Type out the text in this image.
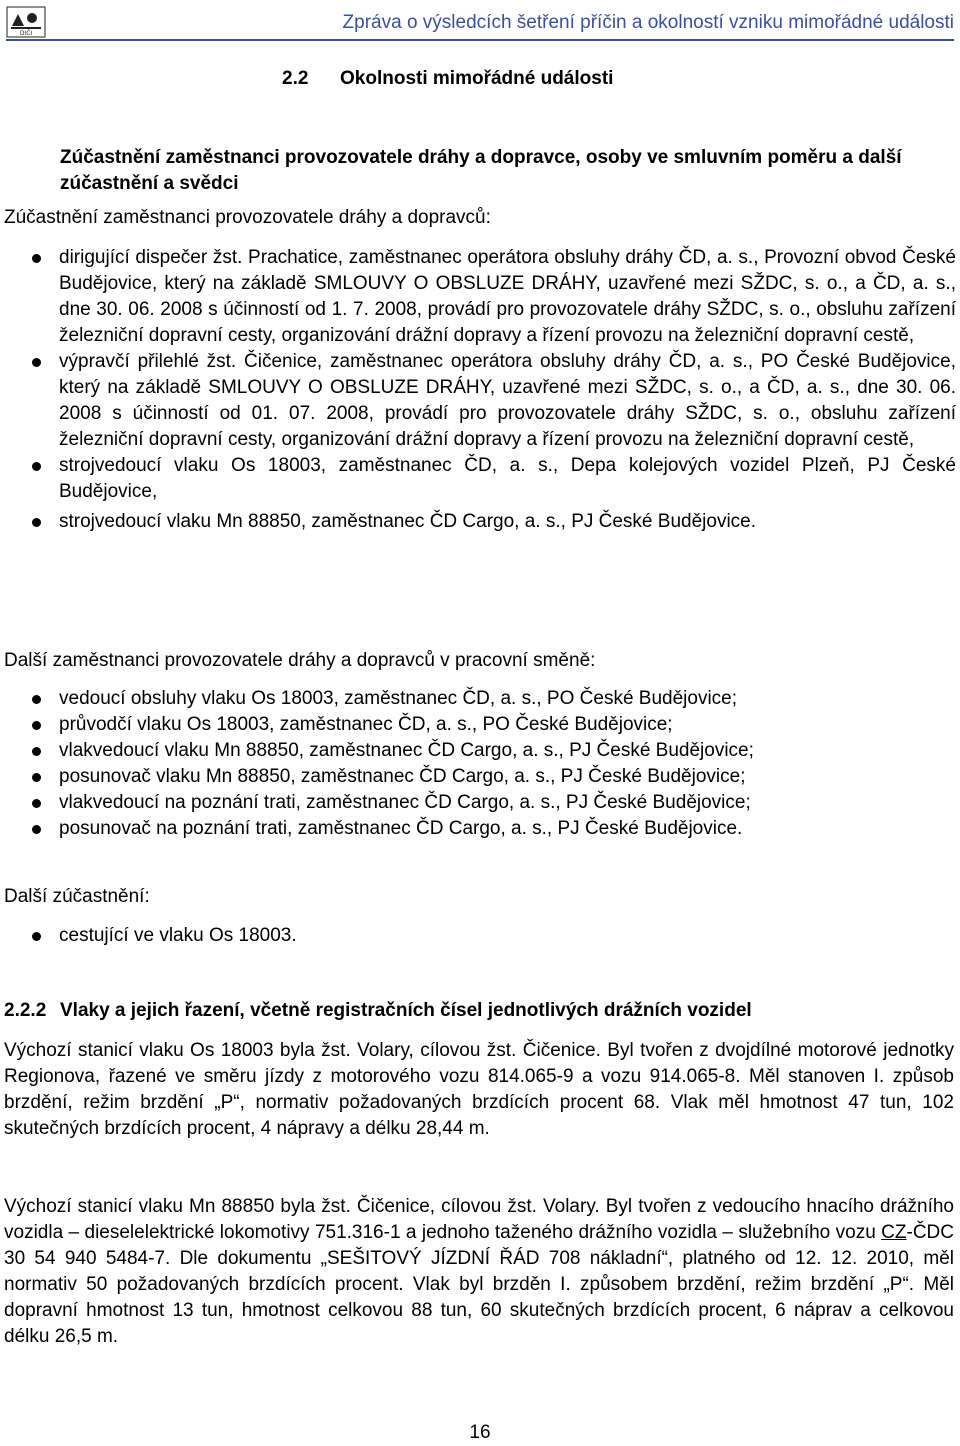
DIČI
Zpráva o výsledcích šetření příčin a okolností vzniku mimořádné události
2.2 Okolnosti mimořádné události
Zúčastnění zaměstnanci provozovatele dráhy a dopravce, osoby ve smluvním poměru a další zúčastnění a svědci
Zúčastnění zaměstnanci provozovatele dráhy a dopravců:
dirigující dispečer žst. Prachatice, zaměstnanec operátora obsluhy dráhy ČD, a. s., Provozní obvod České Budějovice, který na základě SMLOUVY O OBSLUZE DRÁHY, uzavřené mezi SŽDC, s. o., a ČD, a. s., dne 30. 06. 2008 s účinností od 1. 7. 2008, provádí pro provozovatele dráhy SŽDC, s. o., obsluhu zařízení železniční dopravní cesty, organizování drážní dopravy a řízení provozu na železniční dopravní cestě,
výpravčí přilehlé žst. Čičenice, zaměstnanec operátora obsluhy dráhy ČD, a. s., PO České Budějovice, který na základě SMLOUVY O OBSLUZE DRÁHY, uzavřené mezi SŽDC, s. o., a ČD, a. s., dne 30. 06. 2008 s účinností od 01. 07. 2008, provádí pro provozovatele dráhy SŽDC, s. o., obsluhu zařízení železniční dopravní cesty, organizování drážní dopravy a řízení provozu na železniční dopravní cestě,
strojvedoucí vlaku Os 18003, zaměstnanec ČD, a. s., Depa kolejových vozidel Plzeň, PJ České Budějovice,
strojvedoucí vlaku Mn 88850, zaměstnanec ČD Cargo, a. s., PJ České Budějovice.
Další zaměstnanci provozovatele dráhy a dopravců v pracovní směně:
vedoucí obsluhy vlaku Os 18003, zaměstnanec ČD, a. s., PO České Budějovice;
průvodčí vlaku Os 18003, zaměstnanec ČD, a. s., PO České Budějovice;
vlakvedoucí vlaku Mn 88850, zaměstnanec ČD Cargo, a. s., PJ České Budějovice;
posunovač vlaku Mn 88850, zaměstnanec ČD Cargo, a. s., PJ České Budějovice;
vlakvedoucí na poznání trati, zaměstnanec ČD Cargo, a. s., PJ České Budějovice;
posunovač na poznání trati, zaměstnanec ČD Cargo, a. s., PJ České Budějovice.
Další zúčastnění:
cestující ve vlaku Os 18003.
2.2.2 Vlaky a jejich řazení, včetně registračních čísel jednotlivých drážních vozidel
Výchozí stanicí vlaku Os 18003 byla žst. Volary, cílovou žst. Čičenice. Byl tvořen z dvojdílné motorové jednotky Regionova, řazené ve směru jízdy z motorového vozu 814.065-9 a vozu 914.065-8. Měl stanoven I. způsob brzdění, režim brzdění „P“, normativ požadovaných brzdících procent 68. Vlak měl hmotnost 47 tun, 102 skutečných brzdících procent, 4 nápravy a délku 28,44 m.
Výchozí stanicí vlaku Mn 88850 byla žst. Čičenice, cílovou žst. Volary. Byl tvořen z vedoucího hnacího drážního vozidla – dieselelektrické lokomotivy 751.316-1 a jednoho taženého drážního vozidla – služebního vozu CZ-ČDC 30 54 940 5484-7. Dle dokumentu „SEŠITOVÝ JÍZDNÍ ŘÁD 708 nákladní“, platného od 12. 12. 2010, měl normativ 50 požadovaných brzdících procent. Vlak byl brzděn I. způsobem brzdění, režim brzdění „P“. Měl dopravní hmotnost 13 tun, hmotnost celkovou 88 tun, 60 skutečných brzdících procent, 6 náprav a celkovou délku 26,5 m.
16
